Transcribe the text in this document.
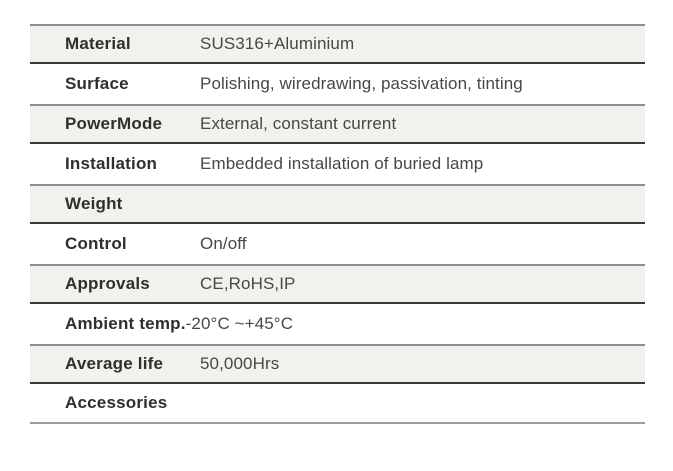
Material	SUS316+Aluminium
Surface	Polishing, wiredrawing, passivation, tinting
PowerMode	External, constant current
Installation	Embedded installation of buried lamp
Weight
Control	On/off
Approvals	CE,RoHS,IP
Ambient temp. -20°C ~+45°C
Average life	50,000Hrs
Accessories
